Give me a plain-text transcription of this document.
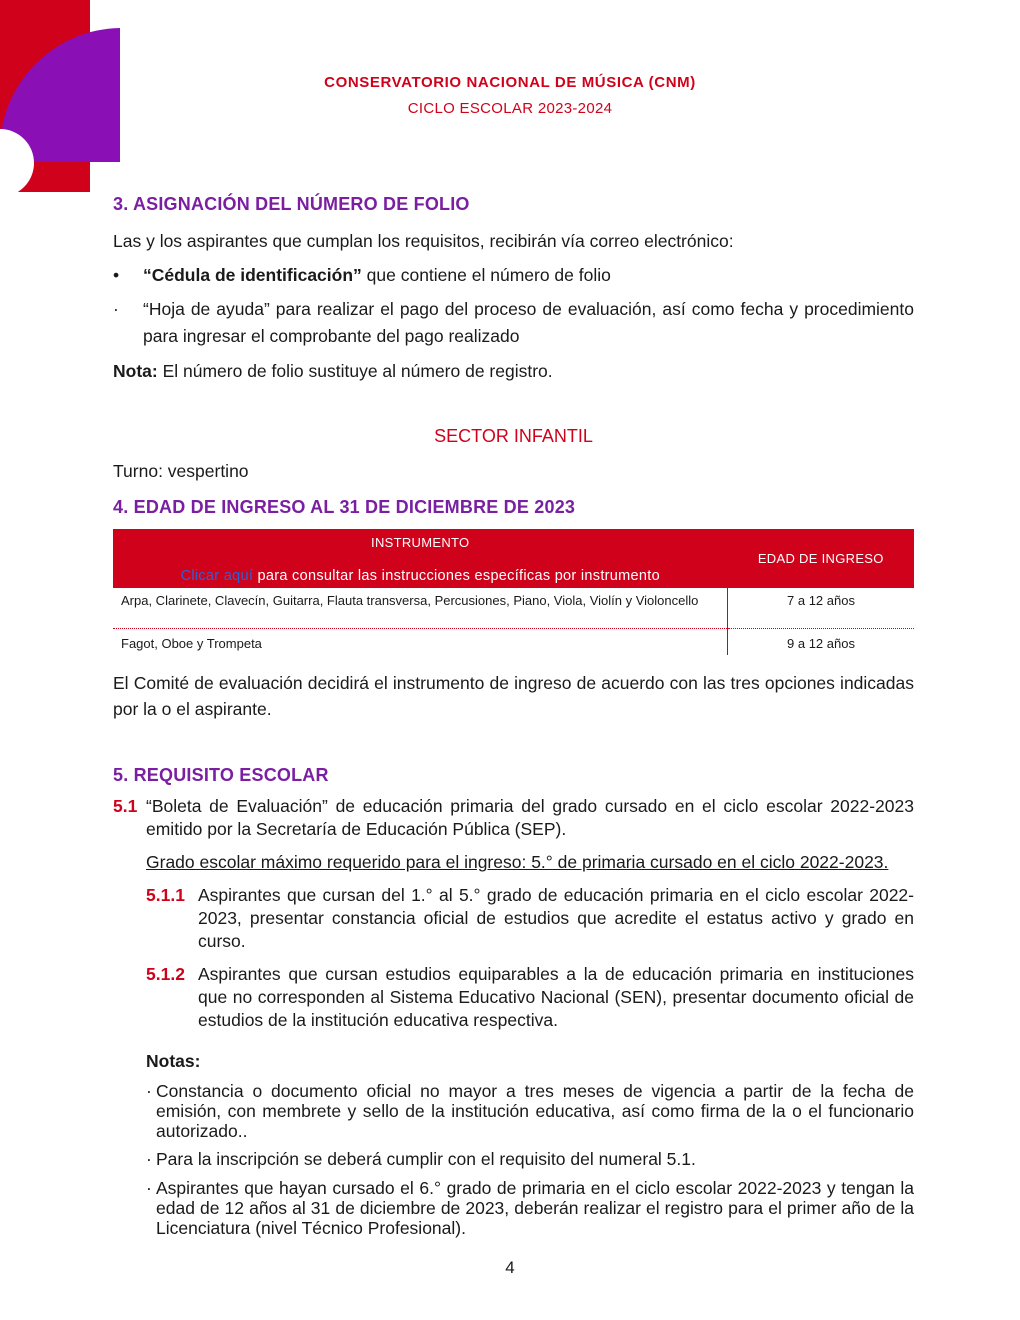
CONSERVATORIO NACIONAL DE MÚSICA (CNM)
CICLO ESCOLAR 2023-2024
3. ASIGNACIÓN DEL NÚMERO DE FOLIO

Las y los aspirantes que cumplan los requisitos, recibirán vía correo electrónico:

• “Cédula de identificación” que contiene el número de folio
· “Hoja de ayuda” para realizar el pago del proceso de evaluación, así como fecha y procedimiento para ingresar el comprobante del pago realizado

Nota: El número de folio sustituye al número de registro.

SECTOR INFANTIL

Turno: vespertino

4. EDAD DE INGRESO AL 31 DE DICIEMBRE DE 2023
INSTRUMENTO
Clicar aquí para consultar las instrucciones específicas por instrumento	EDAD DE INGRESO
Arpa, Clarinete, Clavecín, Guitarra, Flauta transversa, Percusiones, Piano, Viola, Violín y Violoncello	7 a 12 años
Fagot, Oboe y Trompeta	9 a 12 años

El Comité de evaluación decidirá el instrumento de ingreso de acuerdo con las tres opciones indicadas por la o el aspirante.

5. REQUISITO ESCOLAR
5.1 “Boleta de Evaluación” de educación primaria del grado cursado en el ciclo escolar 2022-2023 emitido por la Secretaría de Educación Pública (SEP).
Grado escolar máximo requerido para el ingreso: 5.° de primaria cursado en el ciclo 2022-2023.
5.1.1 Aspirantes que cursan del 1.° al 5.° grado de educación primaria en el ciclo escolar 2022-2023, presentar constancia oficial de estudios que acredite el estatus activo y grado en curso.
5.1.2 Aspirantes que cursan estudios equiparables a la de educación primaria en instituciones que no corresponden al Sistema Educativo Nacional (SEN), presentar documento oficial de estudios de la institución educativa respectiva.
Notas:
· Constancia o documento oficial no mayor a tres meses de vigencia a partir de la fecha de emisión, con membrete y sello de la institución educativa, así como firma de la o el funcionario autorizado..
· Para la inscripción se deberá cumplir con el requisito del numeral 5.1.
· Aspirantes que hayan cursado el 6.° grado de primaria en el ciclo escolar 2022-2023 y tengan la edad de 12 años al 31 de diciembre de 2023, deberán realizar el registro para el primer año de la Licenciatura (nivel Técnico Profesional).
4
